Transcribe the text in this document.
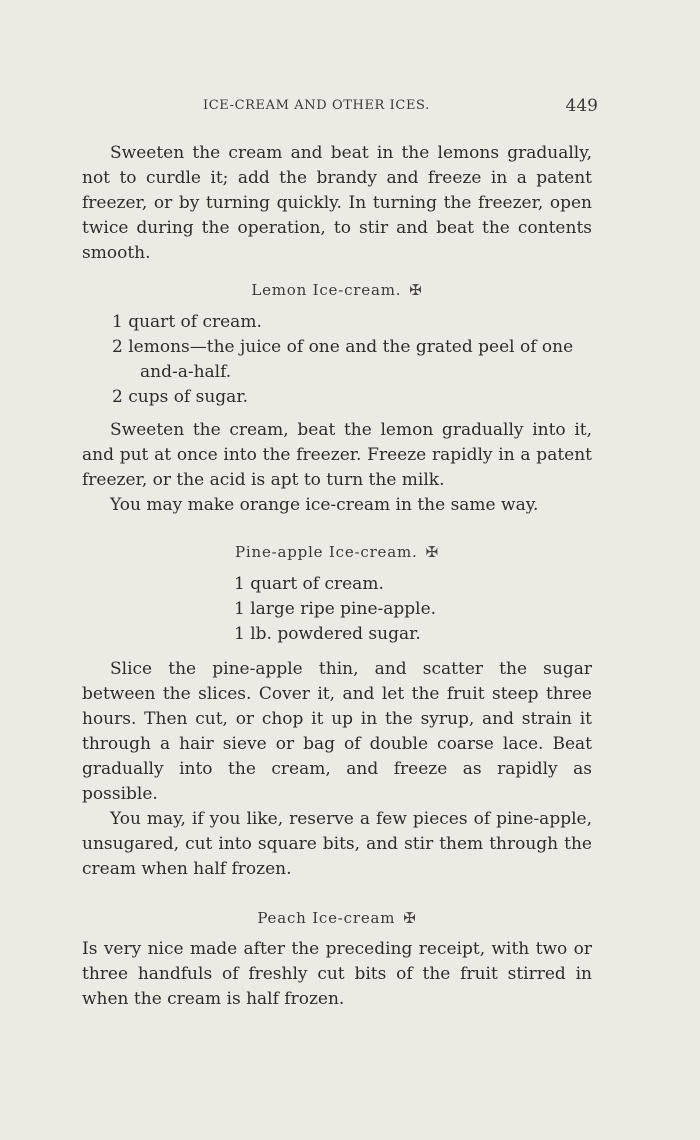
ICE-CREAM AND OTHER ICES.	449

Sweeten the cream and beat in the lemons gradually, not to curdle it; add the brandy and freeze in a patent freezer, or by turning quickly. In turning the freezer, open twice during the operation, to stir and beat the contents smooth.

Lemon Ice-cream. ✠
1 quart of cream.
2 lemons—the juice of one and the grated peel of one and-a-half.
2 cups of sugar.

Sweeten the cream, beat the lemon gradually into it, and put at once into the freezer. Freeze rapidly in a patent freezer, or the acid is apt to turn the milk.

You may make orange ice-cream in the same way.

Pine-apple Ice-cream. ✠
1 quart of cream.
1 large ripe pine-apple.
1 lb. powdered sugar.

Slice the pine-apple thin, and scatter the sugar between the slices. Cover it, and let the fruit steep three hours. Then cut, or chop it up in the syrup, and strain it through a hair sieve or bag of double coarse lace. Beat gradually into the cream, and freeze as rapidly as possible.

You may, if you like, reserve a few pieces of pine-apple, unsugared, cut into square bits, and stir them through the cream when half frozen.

Peach Ice-cream ✠

Is very nice made after the preceding receipt, with two or three handfuls of freshly cut bits of the fruit stirred in when the cream is half frozen.
